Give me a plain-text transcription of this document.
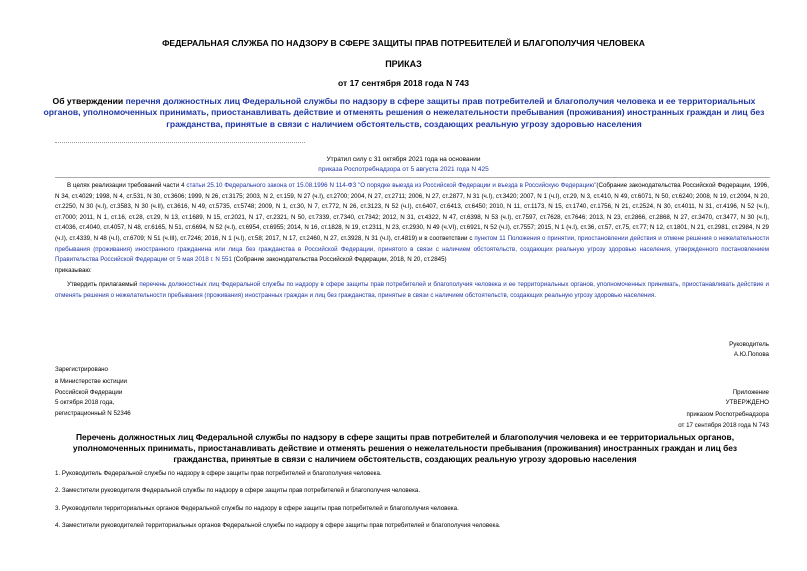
ФЕДЕРАЛЬНАЯ СЛУЖБА ПО НАДЗОРУ В СФЕРЕ ЗАЩИТЫ ПРАВ ПОТРЕБИТЕЛЕЙ И БЛАГОПОЛУЧИЯ ЧЕЛОВЕКА
ПРИКАЗ
от 17 сентября 2018 года N 743
Об утверждении перечня должностных лиц Федеральной службы по надзору в сфере защиты прав потребителей и благополучия человека и ее территориальных органов, уполномоченных принимать, приостанавливать действие и отменять решения о нежелательности пребывания (проживания) иностранных граждан и лиц без гражданства, принятые в связи с наличием обстоятельств, создающих реальную угрозу здоровью населения
Утратил силу с 31 октября 2021 года на основании
приказа Роспотребнадзора от 5 августа 2021 года N 425

В целях реализации требований части 4 статьи 25.10 Федерального закона от 15.08.1996 N 114-ФЗ "О порядке выезда из Российской Федерации и въезда в Российскую Федерацию"(Собрание законодательства Российской Федерации, 1996, N 34, ст.4029; 1998, N 4, ст.531, N 30, ст.3606; 1999, N 26, ст.3175; 2003, N 2, ст.159, N 27 (ч.I), ст.2700; 2004, N 27, ст.2711; 2006, N 27, ст.2877, N 31 (ч.I), ст.3420; 2007, N 1 (ч.I), ст.29, N 3, ст.410, N 49, ст.6071, N 50, ст.6240; 2008, N 19, ст.2094, N 20, ст.2250, N 30 (ч.I), ст.3583, N 30 (ч.II), ст.3616, N 49, ст.5735, ст.5748; 2009, N 1, ст.30, N 7, ст.772, N 26, ст.3123, N 52 (ч.I), ст.6407, ст.6413, ст.6450; 2010, N 11, ст.1173, N 15, ст.1740, ст.1756, N 21, ст.2524, N 30, ст.4011, N 31, ст.4196, N 52 (ч.I), ст.7000; 2011, N 1, ст.16, ст.28, ст.29, N 13, ст.1689, N 15, ст.2021, N 17, ст.2321, N 50, ст.7339, ст.7340, ст.7342; 2012, N 31, ст.4322, N 47, ст.6398, N 53 (ч.I), ст.7597, ст.7628, ст.7646; 2013, N 23, ст.2866, ст.2868, N 27, ст.3470, ст.3477, N 30 (ч.I), ст.4036, ст.4040, ст.4057, N 48, ст.6165, N 51, ст.6694, N 52 (ч.I), ст.6954, ст.6955; 2014, N 16, ст.1828, N 19, ст.2311, N 23, ст.2930, N 49 (ч.VI), ст.6921, N 52 (ч.I), ст.7557; 2015, N 1 (ч.I), ст.36, ст.57, ст.75, ст.77; N 12, ст.1801, N 21, ст.2981, ст.2984, N 29 (ч.I), ст.4339, N 48 (ч.I), ст.6709; N 51 (ч.III), ст.7246; 2016, N 1 (ч.I), ст.58; 2017, N 17, ст.2460, N 27, ст.3928, N 31 (ч.I), ст.4819) и в соответствии с пунктом 11 Положения о принятии, приостановлении действия и отмене решения о нежелательности пребывания (проживания) иностранного гражданина или лица без гражданства в Российской Федерации, принятого в связи с наличием обстоятельств, создающих реальную угрозу здоровью населения, утвержденного постановлением Правительства Российской Федерации от 5 мая 2018 г. N 551 (Собрание законодательства Российской Федерации, 2018, N 20, ст.2845)

приказываю:

Утвердить прилагаемый перечень должностных лиц Федеральной службы по надзору в сфере защиты прав потребителей и благополучия человека и ее территориальных органов, уполномоченных принимать, приостанавливать действие и отменять решения о нежелательности пребывания (проживания) иностранных граждан и лиц без гражданства, принятые в связи с наличием обстоятельств, создающих реальную угрозу здоровью населения.

Руководитель
А.Ю.Попова
Зарегистрировано
в Министерстве юстиции
Российской Федерации
5 октября 2018 года,
регистрационный N 52346
Приложение
УТВЕРЖДЕНО
приказом Роспотребнадзора
от 17 сентября 2018 года N 743
Перечень должностных лиц Федеральной службы по надзору в сфере защиты прав потребителей и благополучия человека и ее территориальных органов, уполномоченных принимать, приостанавливать действие и отменять решения о нежелательности пребывания (проживания) иностранных граждан и лиц без гражданства, принятые в связи с наличием обстоятельств, создающих реальную угрозу здоровью населения
1. Руководитель Федеральной службы по надзору в сфере защиты прав потребителей и благополучия человека.
2. Заместители руководителя Федеральной службы по надзору в сфере защиты прав потребителей и благополучия человека.
3. Руководители территориальных органов Федеральной службы по надзору в сфере защиты прав потребителей и благополучия человека.
4. Заместители руководителей территориальных органов Федеральной службы по надзору в сфере защиты прав потребителей и благополучия человека.
